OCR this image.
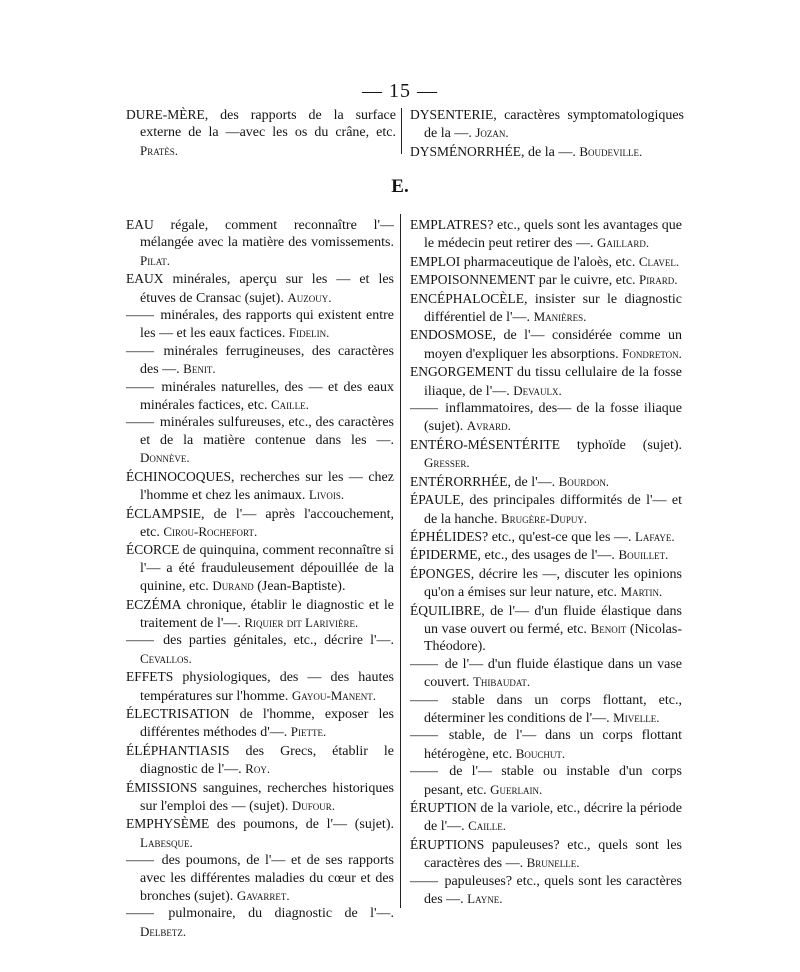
— 15 —

DURE-MÈRE, des rapports de la surface externe de la —avec les os du crâne, etc. Pratès.

DYSENTERIE, caractères symptomatologiques de la —. Jozan.

DYSMÉNORRHÉE, de la —. Boudeville.

E.

EAU régale, comment reconnaître l'— mélangée avec la matière des vomissements. Pilat.

EAUX minérales, aperçu sur les — et les étuves de Cransac (sujet). Auzouy.

—— minérales, des rapports qui existent entre les — et les eaux factices. Fidelin.

—— minérales ferrugineuses, des caractères des —. Benit.

—— minérales naturelles, des — et des eaux minérales factices, etc. Caille.

—— minérales sulfureuses, etc., des caractères et de la matière contenue dans les —. Donnève.

ÉCHINOCOQUES, recherches sur les — chez l'homme et chez les animaux. Livois.

ÉCLAMPSIE, de l'— après l'accouchement, etc. Cirou-Rochefort.

ÉCORCE de quinquina, comment reconnaître si l'— a été frauduleusement dépouillée de la quinine, etc. Durand (Jean-Baptiste).

ECZÉMA chronique, établir le diagnostic et le traitement de l'—. Riquier dit Larivière.

—— des parties génitales, etc., décrire l'—. Cevallos.

EFFETS physiologiques, des — des hautes températures sur l'homme. Gayou-Manent.

ÉLECTRISATION de l'homme, exposer les différentes méthodes d'—. Piette.

ÉLÉPHANTIASIS des Grecs, établir le diagnostic de l'—. Roy.

ÉMISSIONS sanguines, recherches historiques sur l'emploi des — (sujet). Dufour.

EMPHYSÈME des poumons, de l'— (sujet). Labesque.

—— des poumons, de l'— et de ses rapports avec les différentes maladies du cœur et des bronches (sujet). Gavarret.

—— pulmonaire, du diagnostic de l'—. Delbetz.

EMPLATRES? etc., quels sont les avantages que le médecin peut retirer des —. Gaillard.

EMPLOI pharmaceutique de l'aloès, etc. Clavel.

EMPOISONNEMENT par le cuivre, etc. Pirard.

ENCÉPHALOCÈLE, insister sur le diagnostic différentiel de l'—. Manières.

ENDOSMOSE, de l'— considérée comme un moyen d'expliquer les absorptions. Fondreton.

ENGORGEMENT du tissu cellulaire de la fosse iliaque, de l'—. Devaulx.

—— inflammatoires, des— de la fosse iliaque (sujet). Avrard.

ENTÉRO-MÉSENTÉRITE typhoïde (sujet). Gresser.

ENTÉRORRHÉE, de l'—. Bourdon.

ÉPAULE, des principales difformités de l'— et de la hanche. Brugère-Dupuy.

ÉPHÉLIDES? etc., qu'est-ce que les —. Lafaye.

ÉPIDERME, etc., des usages de l'—. Bouillet.

ÉPONGES, décrire les —, discuter les opinions qu'on a émises sur leur nature, etc. Martin.

ÉQUILIBRE, de l'— d'un fluide élastique dans un vase ouvert ou fermé, etc. Benoit (Nicolas-Théodore).

—— de l'— d'un fluide élastique dans un vase couvert. Thibaudat.

—— stable dans un corps flottant, etc., déterminer les conditions de l'—. Mivelle.

—— stable, de l'— dans un corps flottant hétérogène, etc. Bouchut.

—— de l'— stable ou instable d'un corps pesant, etc. Guerlain.

ÉRUPTION de la variole, etc., décrire la période de l'—. Caille.

ÉRUPTIONS papuleuses? etc., quels sont les caractères des —. Brunelle.

—— papuleuses? etc., quels sont les caractères des —. Layne.
